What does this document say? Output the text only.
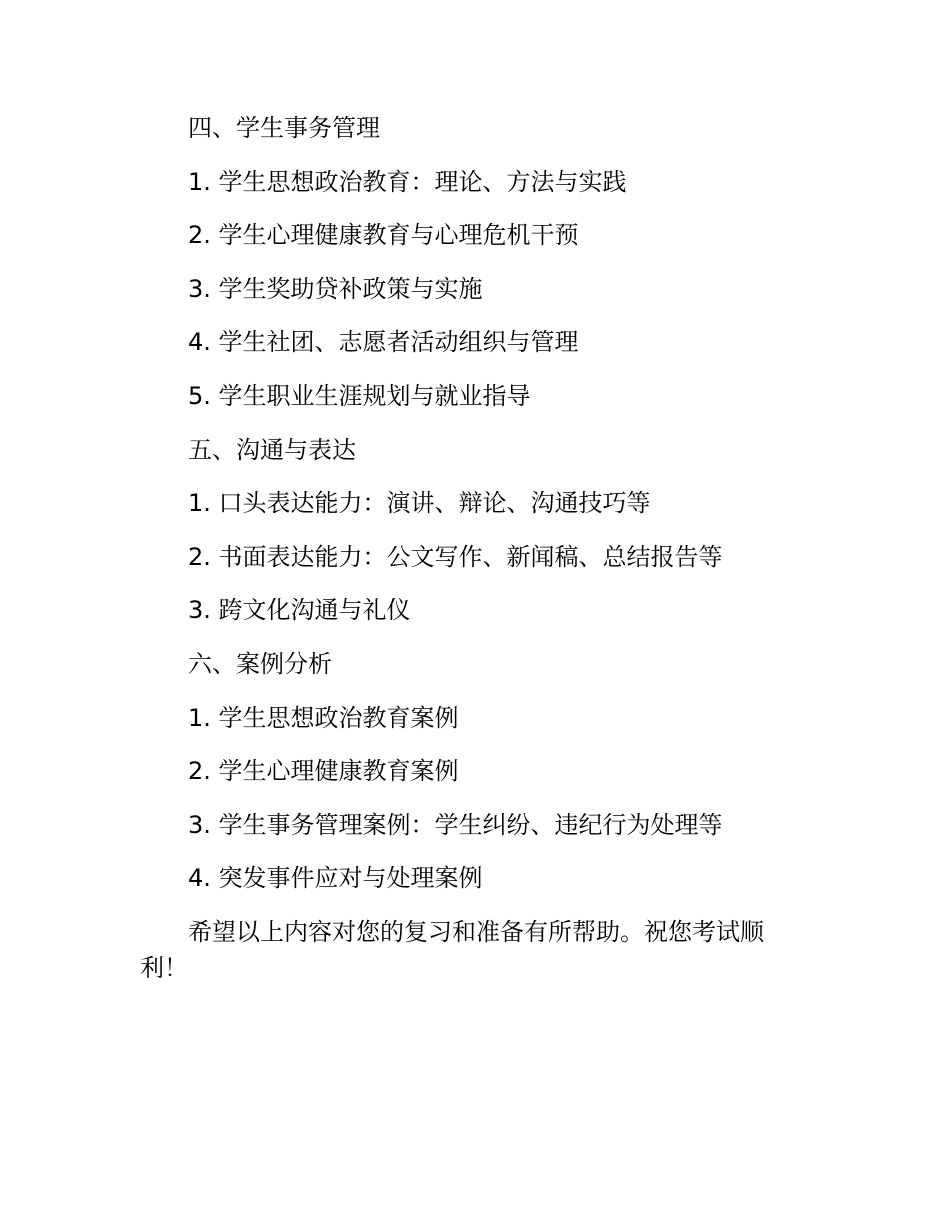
四、学生事务管理
1. 学生思想政治教育：理论、方法与实践
2. 学生心理健康教育与心理危机干预
3. 学生奖助贷补政策与实施
4. 学生社团、志愿者活动组织与管理
5. 学生职业生涯规划与就业指导
五、沟通与表达
1. 口头表达能力：演讲、辩论、沟通技巧等
2. 书面表达能力：公文写作、新闻稿、总结报告等
3. 跨文化沟通与礼仪
六、案例分析
1. 学生思想政治教育案例
2. 学生心理健康教育案例
3. 学生事务管理案例：学生纠纷、违纪行为处理等
4. 突发事件应对与处理案例

希望以上内容对您的复习和准备有所帮助。祝您考试顺利！
